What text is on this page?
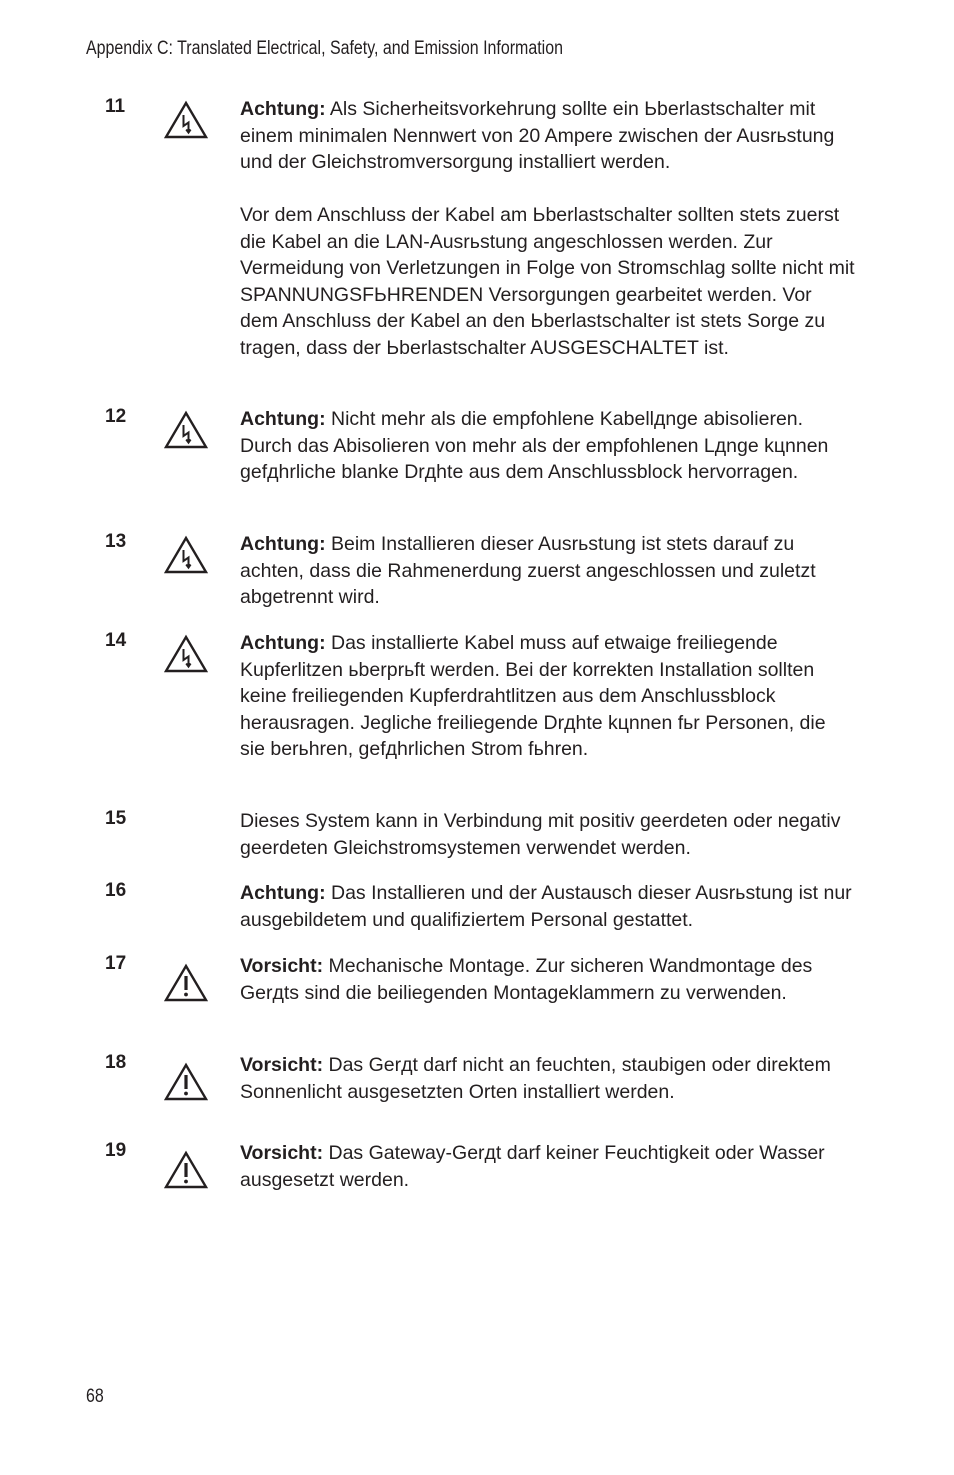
Appendix C: Translated Electrical, Safety, and Emission Information
11	Achtung: Als Sicherheitsvorkehrung sollte ein Ьberlastschalter mit einem minimalen Nennwert von 20 Ampere zwischen der Ausrьstung und der Gleichstromversorgung installiert werden.

Vor dem Anschluss der Kabel am Ьberlastschalter sollten stets zuerst die Kabel an die LAN-Ausrьstung angeschlossen werden. Zur Vermeidung von Verletzungen in Folge von Stromschlag sollte nicht mit SPANNUNGSFЬHRENDEN Versorgungen gearbeitet werden. Vor dem Anschluss der Kabel an den Ьberlastschalter ist stets Sorge zu tragen, dass der Ьberlastschalter AUSGESCHALTET ist.

12	Achtung: Nicht mehr als die empfohlene Kabellдnge abisolieren. Durch das Abisolieren von mehr als der empfohlenen Lдnge kцnnen gefдhrliche blanke Drдhte aus dem Anschlussblock hervorragen.

13	Achtung: Beim Installieren dieser Ausrьstung ist stets darauf zu achten, dass die Rahmenerdung zuerst angeschlossen und zuletzt abgetrennt wird.

14	Achtung: Das installierte Kabel muss auf etwaige freiliegende Kupferlitzen ьberprьft werden. Bei der korrekten Installation sollten keine freiliegenden Kupferdrahtlitzen aus dem Anschlussblock herausragen. Jegliche freiliegende Drдhte kцnnen fьr Personen, die sie berьhren, gefдhrlichen Strom fьhren.

15	Dieses System kann in Verbindung mit positiv geerdeten oder negativ geerdeten Gleichstromsystemen verwendet werden.

16	Achtung: Das Installieren und der Austausch dieser Ausrьstung ist nur ausgebildetem und qualifiziertem Personal gestattet.

17	Vorsicht: Mechanische Montage. Zur sicheren Wandmontage des Gerдts sind die beiliegenden Montageklammern zu verwenden.

18	Vorsicht: Das Gerдt darf nicht an feuchten, staubigen oder direktem Sonnenlicht ausgesetzten Orten installiert werden.

19	Vorsicht: Das Gateway-Gerдt darf keiner Feuchtigkeit oder Wasser ausgesetzt werden.

68
